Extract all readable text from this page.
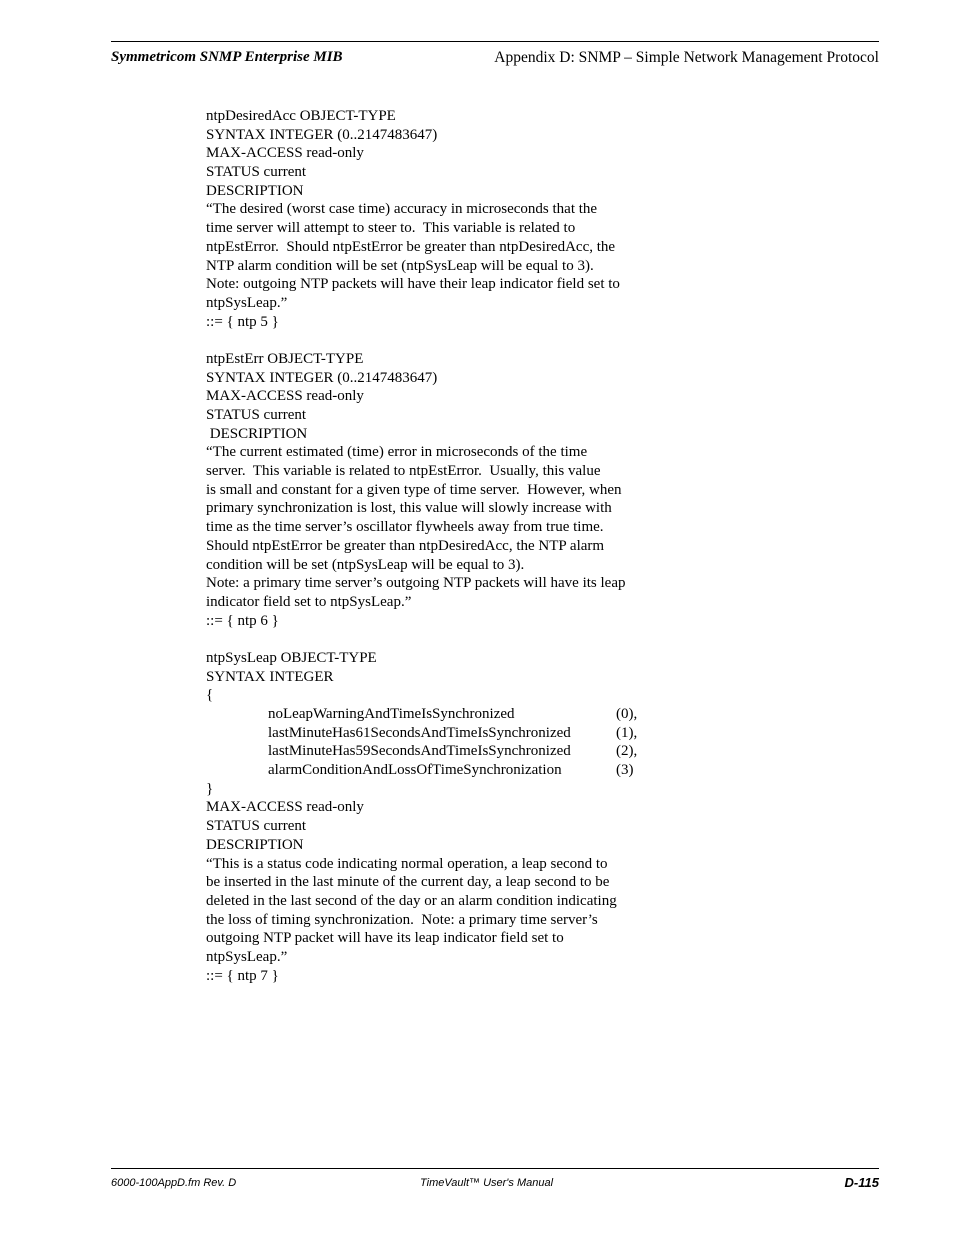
Symmetricom SNMP Enterprise MIB	Appendix D: SNMP – Simple Network Management Protocol
ntpDesiredAcc OBJECT-TYPE
SYNTAX INTEGER (0..2147483647)
MAX-ACCESS read-only
STATUS current
DESCRIPTION
“The desired (worst case time) accuracy in microseconds that the
time server will attempt to steer to.  This variable is related to
ntpEstError.  Should ntpEstError be greater than ntpDesiredAcc, the
NTP alarm condition will be set (ntpSysLeap will be equal to 3).
Note: outgoing NTP packets will have their leap indicator field set to
ntpSysLeap.”
::= { ntp 5 }
ntpEstErr OBJECT-TYPE
SYNTAX INTEGER (0..2147483647)
MAX-ACCESS read-only
STATUS current
DESCRIPTION
“The current estimated (time) error in microseconds of the time
server.  This variable is related to ntpEstError.  Usually, this value
is small and constant for a given type of time server.  However, when
primary synchronization is lost, this value will slowly increase with
time as the time server’s oscillator flywheels away from true time.
Should ntpEstError be greater than ntpDesiredAcc, the NTP alarm
condition will be set (ntpSysLeap will be equal to 3).
Note: a primary time server’s outgoing NTP packets will have its leap
indicator field set to ntpSysLeap.”
::= { ntp 6 }
ntpSysLeap OBJECT-TYPE
SYNTAX INTEGER
{
noLeapWarningAndTimeIsSynchronized	(0),
lastMinuteHas61SecondsAndTimeIsSynchronized	(1),
lastMinuteHas59SecondsAndTimeIsSynchronized	(2),
alarmConditionAndLossOfTimeSynchronization	(3)
}
MAX-ACCESS read-only
STATUS current
DESCRIPTION
“This is a status code indicating normal operation, a leap second to
be inserted in the last minute of the current day, a leap second to be
deleted in the last second of the day or an alarm condition indicating
the loss of timing synchronization.  Note: a primary time server’s
outgoing NTP packet will have its leap indicator field set to
ntpSysLeap.”
::= { ntp 7 }
6000-100AppD.fm Rev. D	TimeVault™ User's Manual	D-115
